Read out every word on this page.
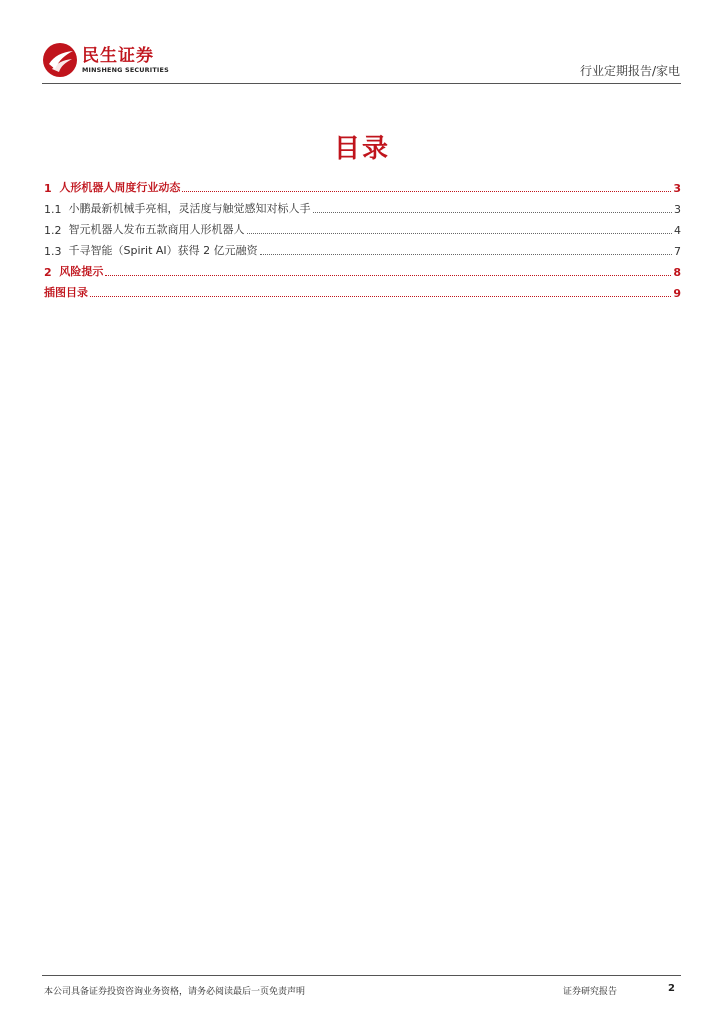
民生证券
MINSHENG SECURITIES	行业定期报告/家电
目录
1 人形机器人周度行业动态	3
1.1 小鹏最新机械手亮相，灵活度与触觉感知对标人手	3
1.2 智元机器人发布五款商用人形机器人	4
1.3 千寻智能（Spirit AI）获得 2 亿元融资	7
2 风险提示	8
插图目录	9
本公司具备证券投资咨询业务资格，请务必阅读最后一页免责声明	证券研究报告	2
